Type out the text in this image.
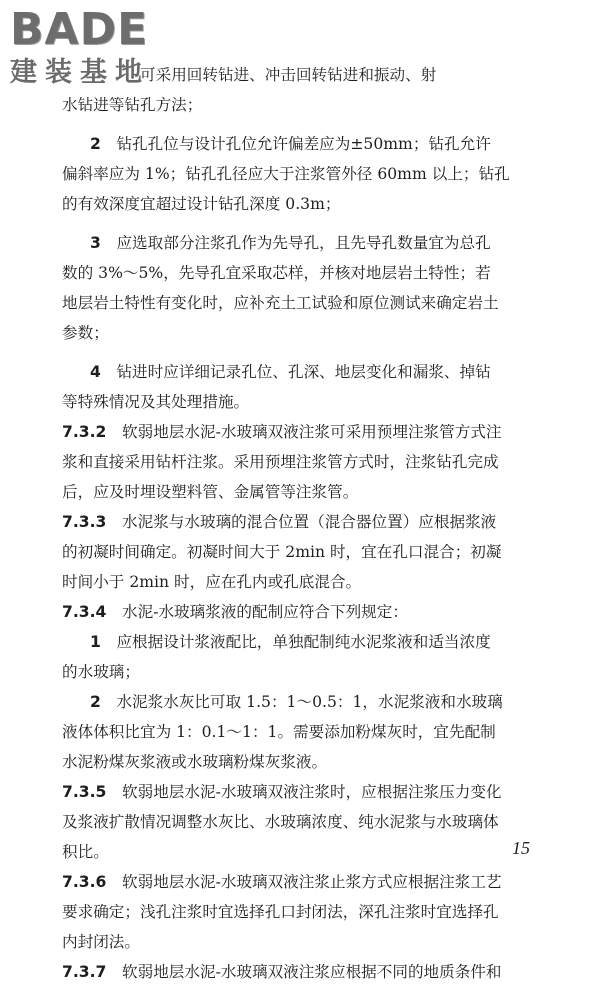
BADE
建装基地
可采用回转钻进、冲击回转钻进和振动、射
水钻进等钻孔方法；
2  钻孔孔位与设计孔位允许偏差应为±50mm；钻孔允许
偏斜率应为 1%；钻孔孔径应大于注浆管外径 60mm 以上；钻孔
的有效深度宜超过设计钻孔深度 0.3m；
3  应选取部分注浆孔作为先导孔，且先导孔数量宜为总孔
数的 3%～5%，先导孔宜采取芯样，并核对地层岩土特性；若
地层岩土特性有变化时，应补充土工试验和原位测试来确定岩土
参数；
4  钻进时应详细记录孔位、孔深、地层变化和漏浆、掉钻
等特殊情况及其处理措施。
7.3.2  软弱地层水泥-水玻璃双液注浆可采用预埋注浆管方式注
浆和直接采用钻杆注浆。采用预埋注浆管方式时，注浆钻孔完成
后，应及时埋设塑料管、金属管等注浆管。
7.3.3  水泥浆与水玻璃的混合位置（混合器位置）应根据浆液
的初凝时间确定。初凝时间大于 2min 时，宜在孔口混合；初凝
时间小于 2min 时，应在孔内或孔底混合。
7.3.4  水泥-水玻璃浆液的配制应符合下列规定：
1  应根据设计浆液配比，单独配制纯水泥浆液和适当浓度
的水玻璃；
2  水泥浆水灰比可取 1.5：1～0.5：1，水泥浆液和水玻璃
液体体积比宜为 1：0.1～1：1。需要添加粉煤灰时，宜先配制
水泥粉煤灰浆液或水玻璃粉煤灰浆液。
7.3.5  软弱地层水泥-水玻璃双液注浆时，应根据注浆压力变化
及浆液扩散情况调整水灰比、水玻璃浓度、纯水泥浆与水玻璃体
积比。
7.3.6  软弱地层水泥-水玻璃双液注浆止浆方式应根据注浆工艺
要求确定；浅孔注浆时宜选择孔口封闭法，深孔注浆时宜选择孔
内封闭法。
7.3.7  软弱地层水泥-水玻璃双液注浆应根据不同的地质条件和
15
